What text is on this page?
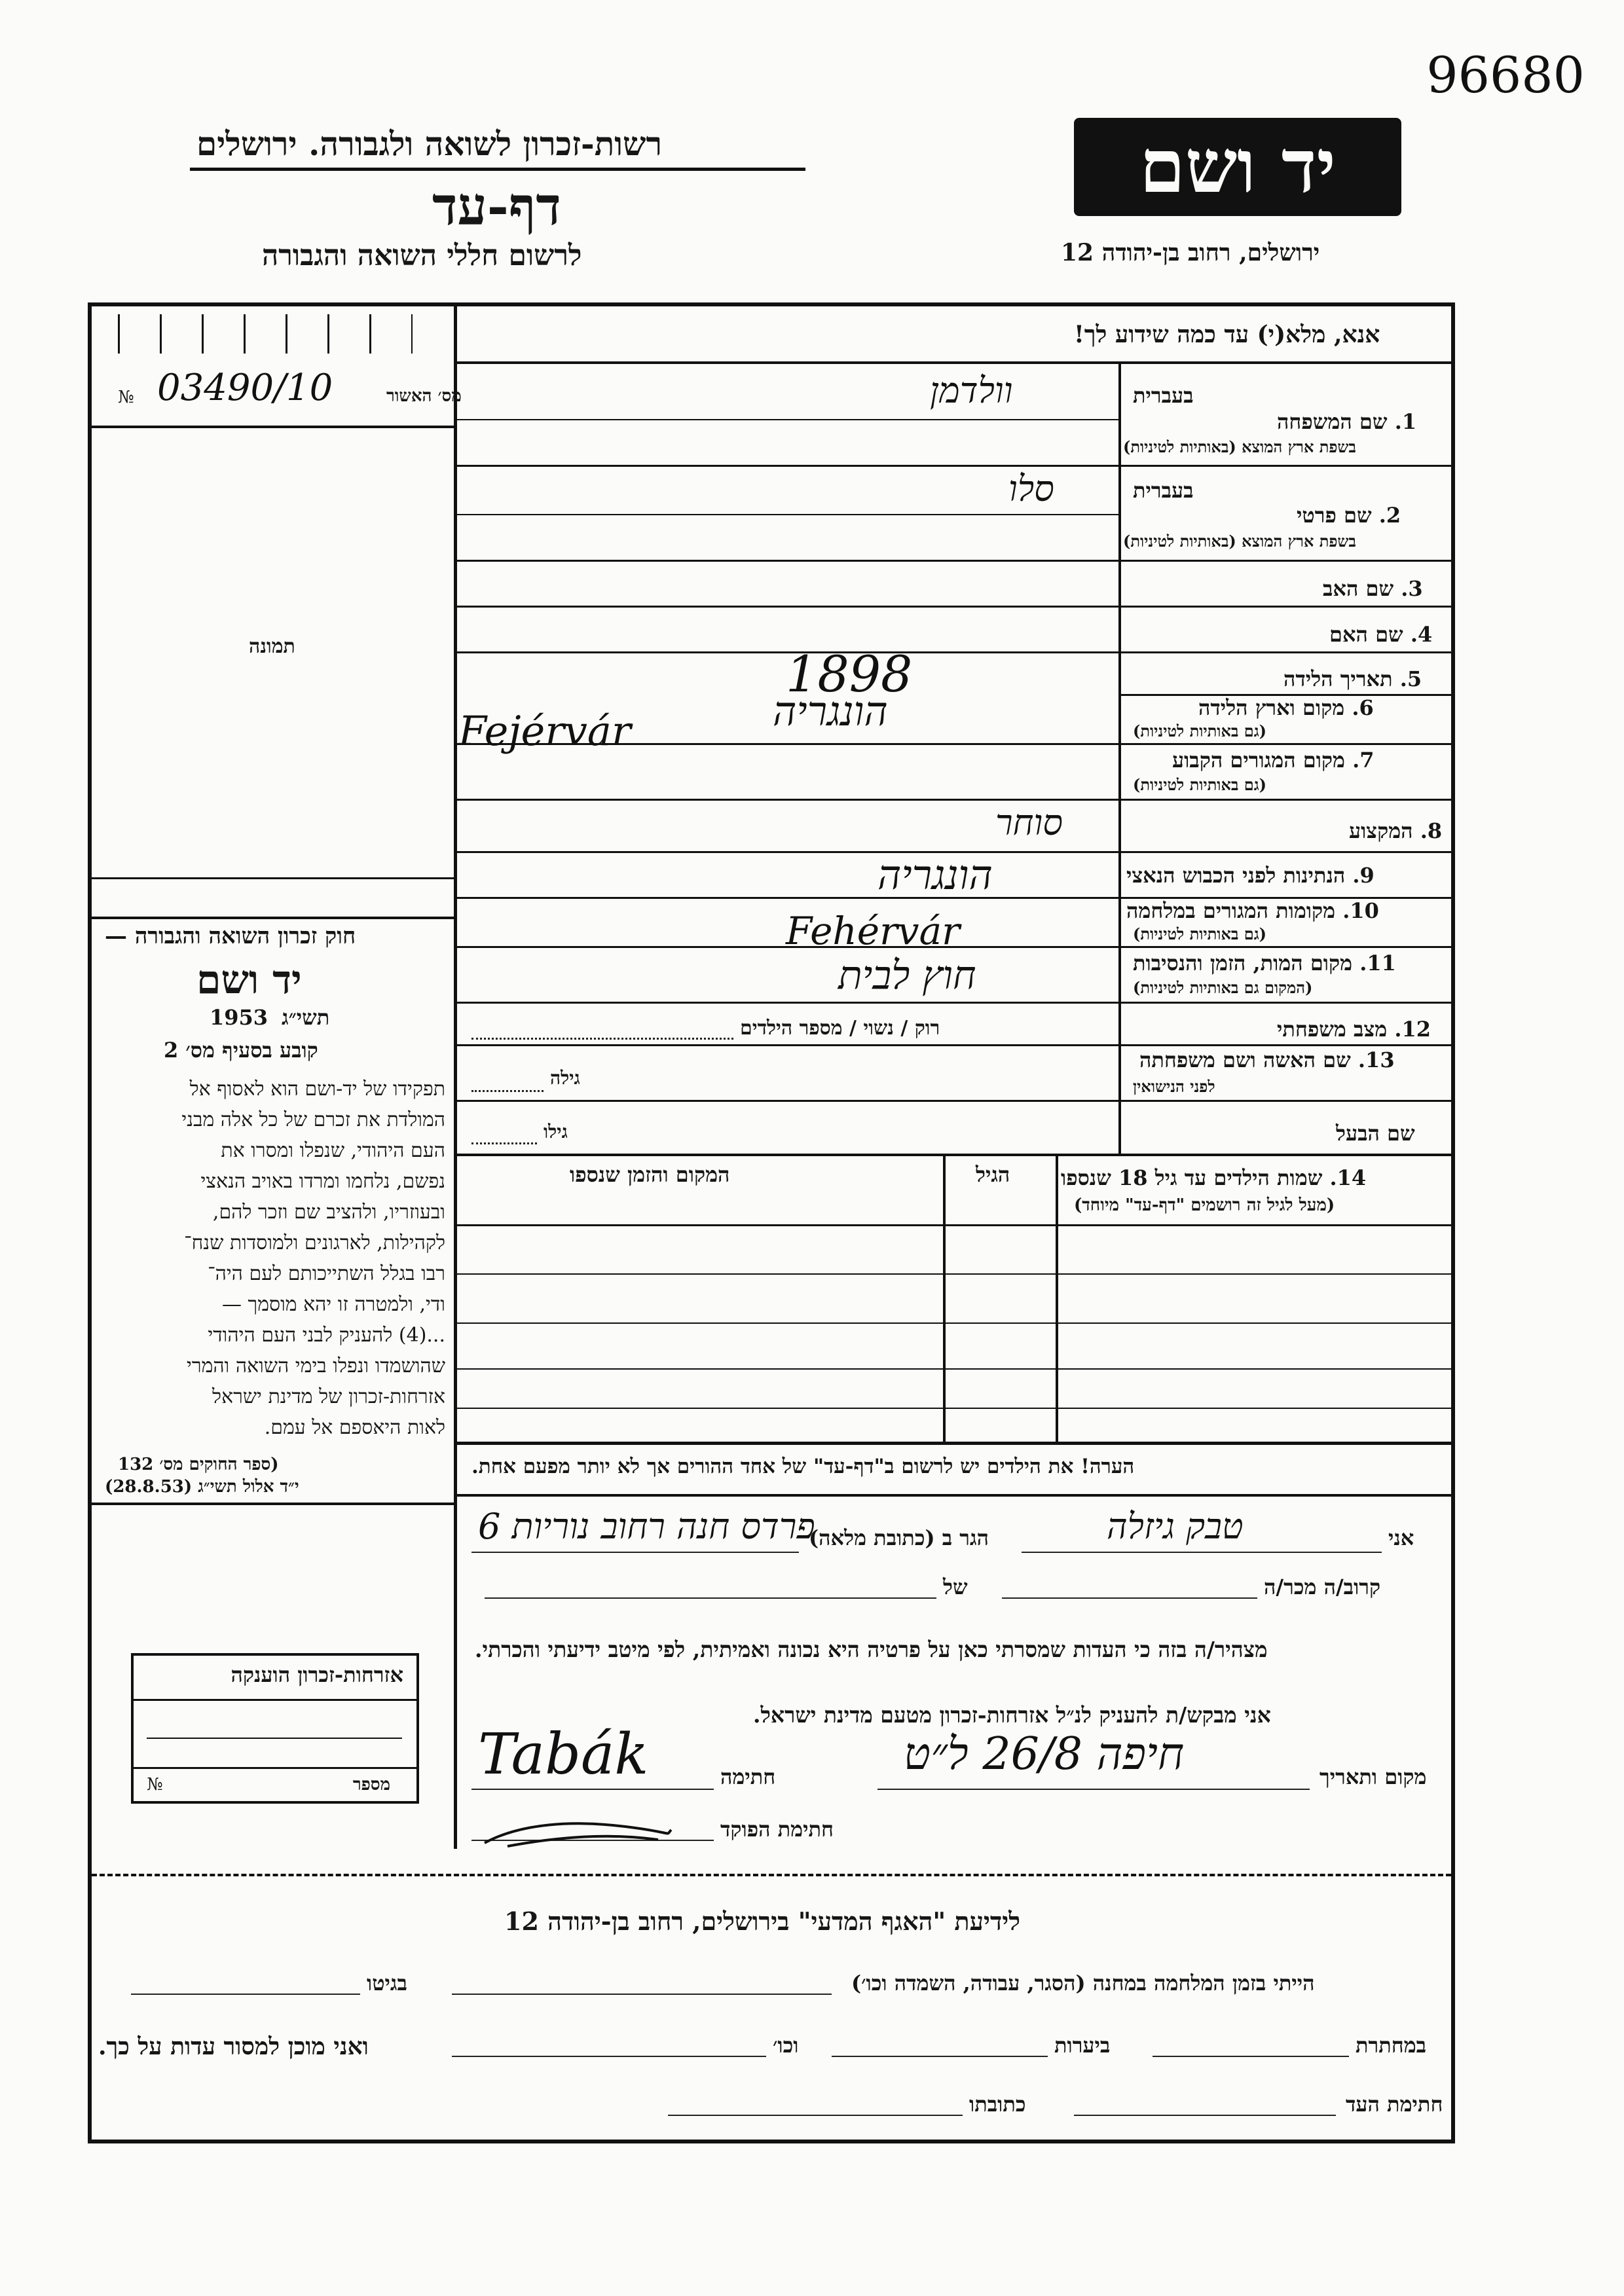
96680
רשות-זכרון לשואה ולגבורה. ירושלים
דף-עד
לרשום חללי השואה והגבורה
יד ושם
ירושלים, רחוב בן-יהודה 12
מס׳ האשור
03490/10
№
תמונה
אנא, מלא(י) עד כמה שידוע לך!
בעברית
1. שם המשפחה
בשפת ארץ המוצא (באותיות לטיניות)
וולדמן
בעברית
2. שם פרטי
בשפת ארץ המוצא (באותיות לטיניות)
סלו
3. שם האב
4. שם האם
5. תאריך הלידה
1898
6. מקום וארץ הלידה
(גם באותיות לטיניות)
הונגריה
Fejérvár
7. מקום המגורים הקבוע
(גם באותיות לטיניות)
8. המקצוע
סוחר
9. הנתינות לפני הכבוש הנאצי
הונגריה
10. מקומות המגורים במלחמה
(גם באותיות לטיניות)
Fehérvár
11. מקום המות, הזמן והנסיבות
(המקום גם באותיות לטיניות)
חוץ לבית
12. מצב משפחתי
רוק / נשוי / מספר הילדים
13. שם האשה ושם משפחתה
לפני הנישואין
גילה
שם הבעל
גילו
14. שמות הילדים עד גיל 18 שנספו
(מעל לגיל זה רושמים "דף-עד" מיוחד)
הגיל
המקום והזמן שנספו
הערה! את הילדים יש לרשום ב"דף-עד" של אחד ההורים אך לא יותר מפעם אחת.
חוק זכרון השואה והגבורה —
יד ושם
תשי״ג
1953
קובע בסעיף מס׳ 2

תפקידו של יד-ושם הוא לאסוף אל

המולדת את זכרם של כל אלה מבני

העם היהודי, שנפלו ומסרו את

נפשם, נלחמו ומרדו באויב הנאצי

ובעוזריו, ולהציב שם וזכר להם,

לקהילות, לארגונים ולמוסדות שנח־

רבו בגלל השתייכותם לעם היה־

ודי, ולמטרה זו יהא מוסמך —

...(4) להעניק לבני העם היהודי

שהושמדו ונפלו בימי השואה והמרי

אזרחות-זכרון של מדינת ישראל

לאות היאספם אל עמם.

(ספר החוקים מס׳ 132
י״ד אלול תשי״ג (28.8.53)
אזרחות-זכרון הוענקה
מספר
№
אני
טבק גיזלה
הגר ב (כתובת מלאה)
פרדס חנה רחוב נוריות 6
קרוב/ה מכר/ה
של
מצהיר/ה בזה כי העדות שמסרתי כאן על פרטיה היא נכונה ואמיתית, לפי מיטב ידיעתי והכרתי.
אני מבקש/ת להעניק לנ״ל אזרחות-זכרון מטעם מדינת ישראל.
מקום ותאריך
חיפה 26/8 ל״ט
חתימה
Tabák
חתימת הפוקד
לידיעת "האגף המדעי" בירושלים, רחוב בן-יהודה 12
הייתי בזמן המלחמה במחנה (הסגר, עבודה, השמדה וכו׳)
בגיטו
במחתרת
ביערות
וכו׳
ואני מוכן למסור עדות על כך.
חתימת העד
כתובתו
